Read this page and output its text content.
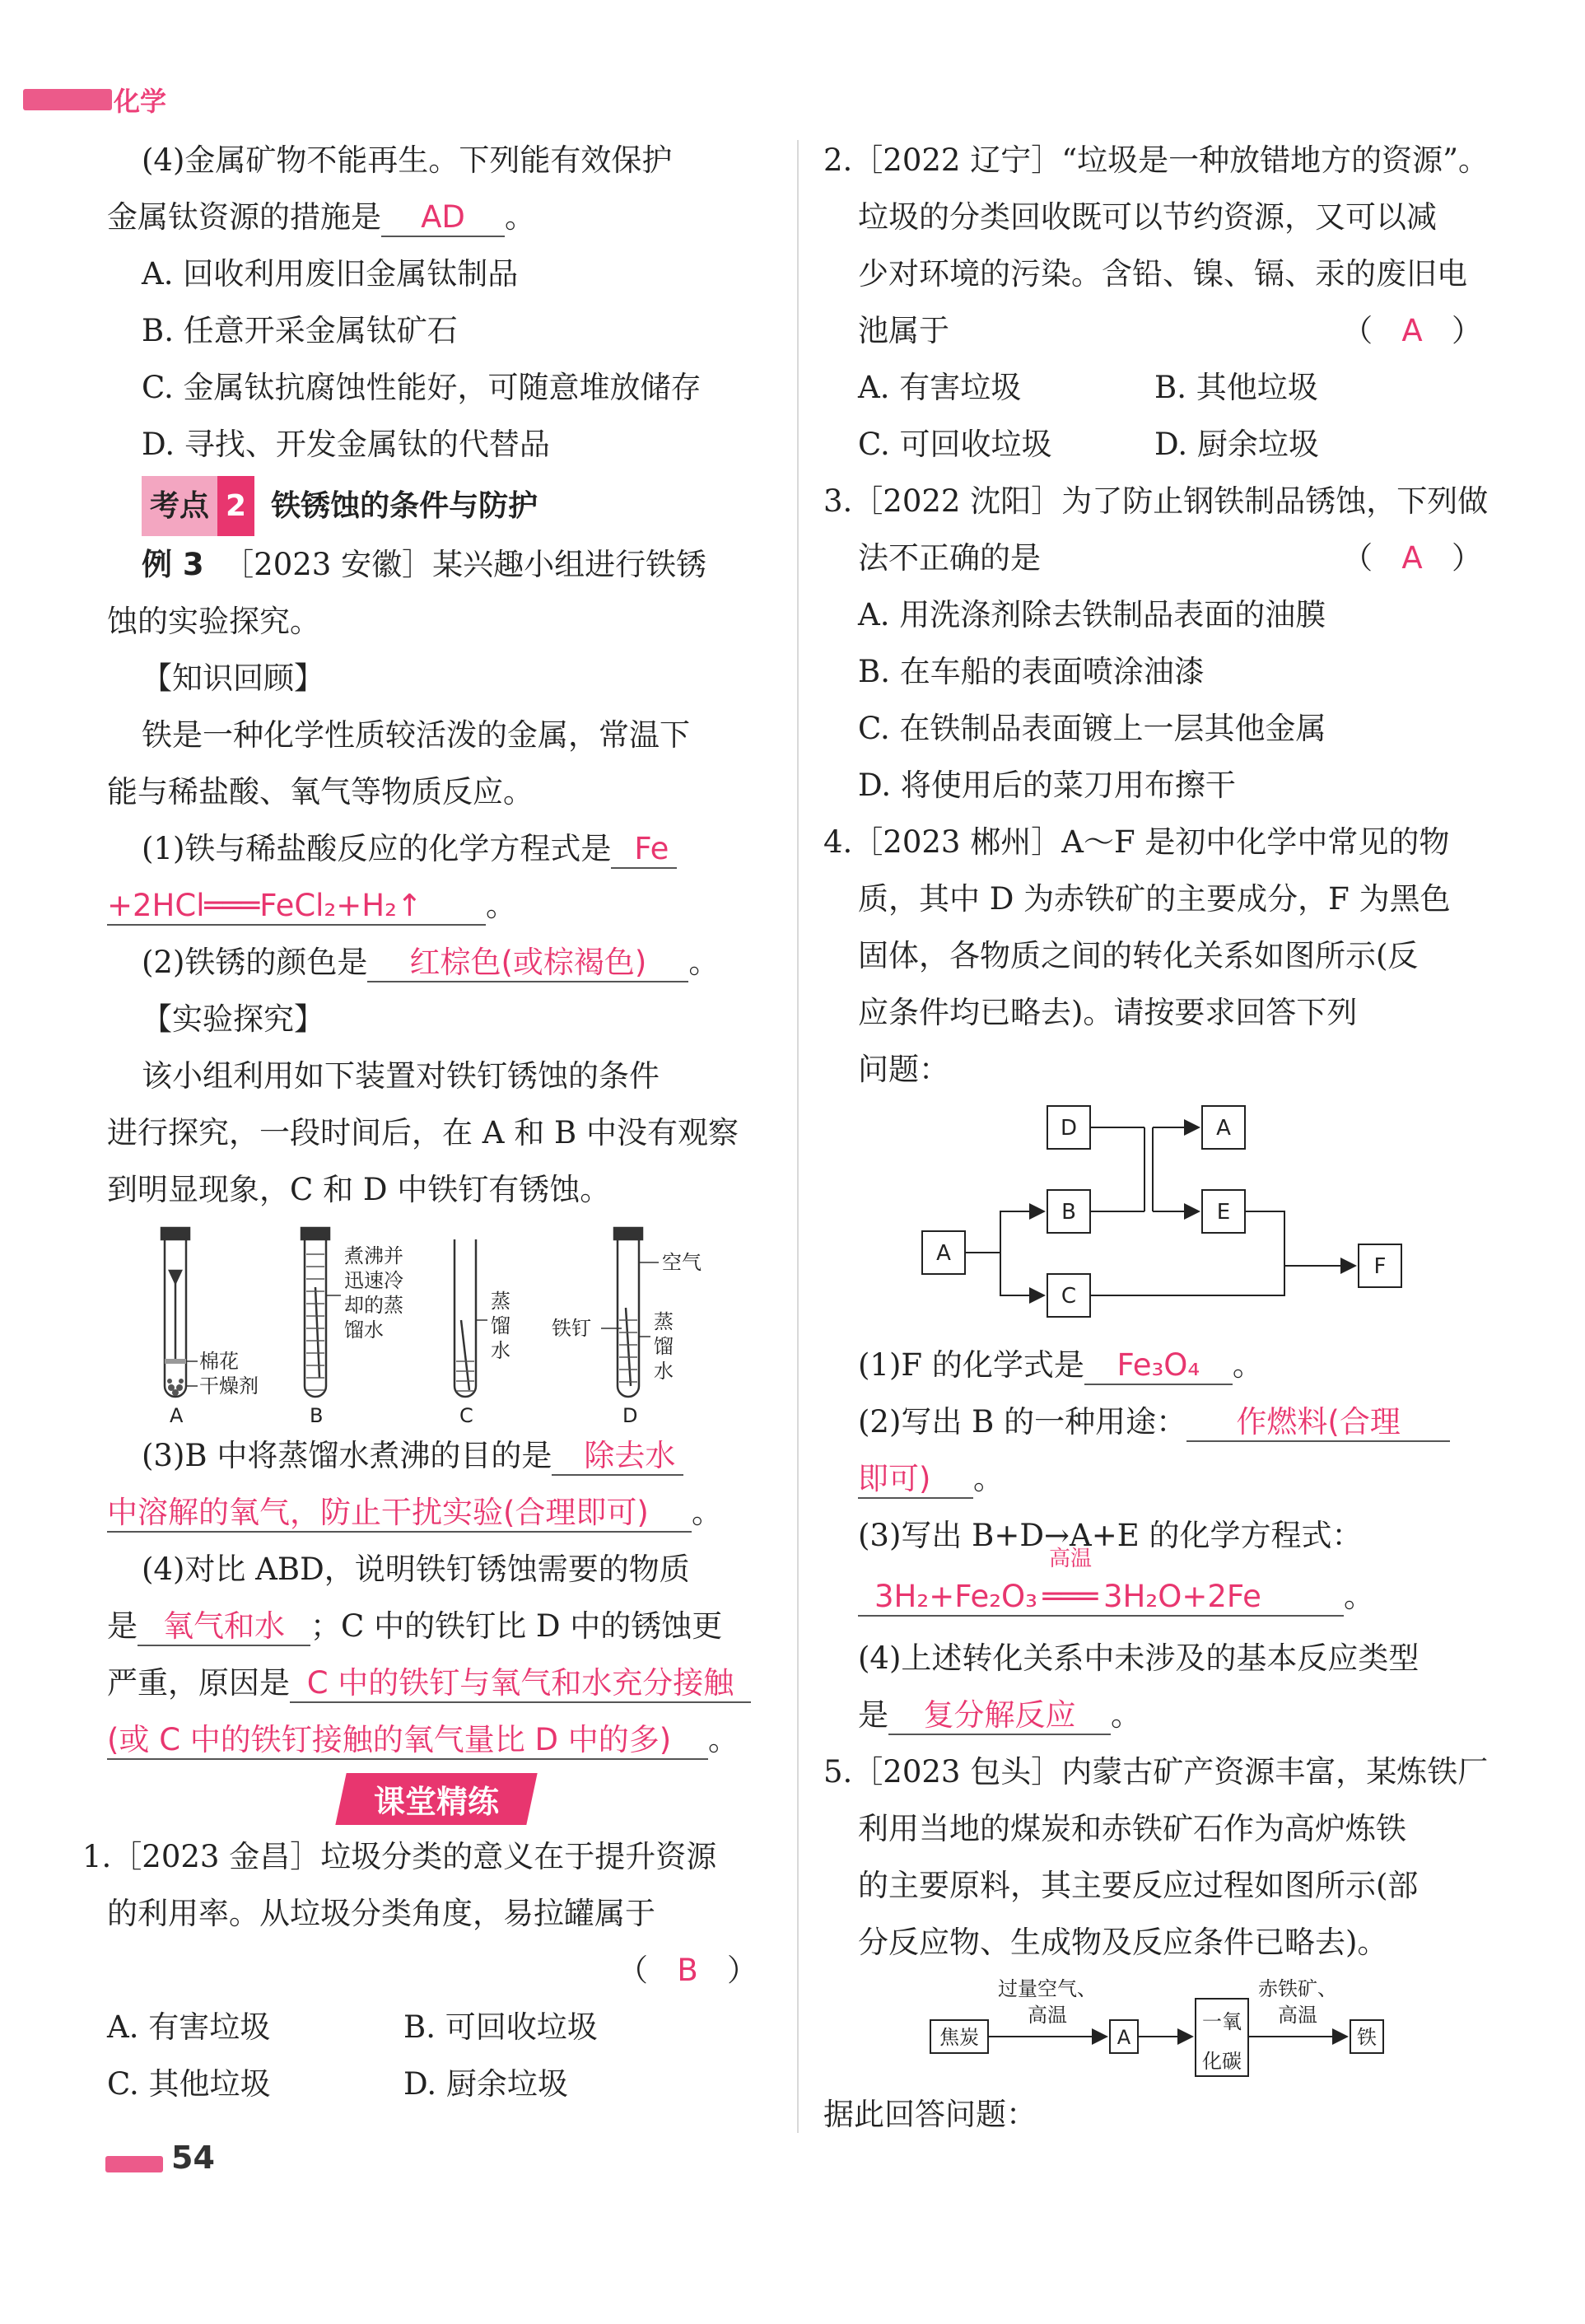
化学
(4)金属矿物不能再生。下列能有效保护
金属钛资源的措施是 AD 。
A. 回收利用废旧金属钛制品
B. 任意开采金属钛矿石
C. 金属钛抗腐蚀性能好，可随意堆放储存
D. 寻找、开发金属钛的代替品
考点 2 铁锈蚀的条件与防护
例 3 ［2023 安徽］某兴趣小组进行铁锈
蚀的实验探究。
【知识回顾】
铁是一种化学性质较活泼的金属，常温下
能与稀盐酸、氧气等物质反应。
(1)铁与稀盐酸反应的化学方程式是 Fe
+2HCl═══FeCl₂+H₂↑ 。
(2)铁锈的颜色是 红棕色(或棕褐色) 。
【实验探究】
该小组利用如下装置对铁钉锈蚀的条件
进行探究，一段时间后，在 A 和 B 中没有观察
到明显现象，C 和 D 中铁钉有锈蚀。
棉花
干燥剂
煮沸并
迅速冷
却的蒸
馏水
蒸
馏
水
空气
铁钉	蒸
馏
水
A	B	C	D
(3)B 中将蒸馏水煮沸的目的是 除去水
中溶解的氧气，防止干扰实验(合理即可) 。
(4)对比 ABD，说明铁钉锈蚀需要的物质
是 氧气和水 ；C 中的铁钉比 D 中的锈蚀更
严重，原因是 C 中的铁钉与氧气和水充分接触
(或 C 中的铁钉接触的氧气量比 D 中的多) 。
课堂精练
1.［2023 金昌］垃圾分类的意义在于提升资源
的利用率。从垃圾分类角度，易拉罐属于
（   B   ）
A. 有害垃圾	B. 可回收垃圾
C. 其他垃圾	D. 厨余垃圾
2.［2022 辽宁］“垃圾是一种放错地方的资源”。
垃圾的分类回收既可以节约资源，又可以减
少对环境的污染。含铅、镍、镉、汞的废旧电
池属于	（   A   ）
A. 有害垃圾	B. 其他垃圾
C. 可回收垃圾	D. 厨余垃圾
3.［2022 沈阳］为了防止钢铁制品锈蚀，下列做
法不正确的是	（   A   ）
A. 用洗涤剂除去铁制品表面的油膜
B. 在车船的表面喷涂油漆
C. 在铁制品表面镀上一层其他金属
D. 将使用后的菜刀用布擦干
4.［2023 郴州］A～F 是初中化学中常见的物
质，其中 D 为赤铁矿的主要成分，F 为黑色
固体，各物质之间的转化关系如图所示(反
应条件均已略去)。请按要求回答下列
问题：
D	A
B	E
A
C
F
(1)F 的化学式是 Fe₃O₄ 。
(2)写出 B 的一种用途： 作燃料(合理
即可) 。
(3)写出 B+D→A+E 的化学方程式：
3H₂+Fe₂O₃
高温
═══ 3H₂O+2Fe	。
(4)上述转化关系中未涉及的基本反应类型
是 复分解反应 。
5.［2023 包头］内蒙古矿产资源丰富，某炼铁厂
利用当地的煤炭和赤铁矿石作为高炉炼铁
的主要原料，其主要反应过程如图所示(部
分反应物、生成物及反应条件已略去)。
焦炭
过量空气、
高温
A
一氧
化碳
赤铁矿、
高温
铁
据此回答问题：
54
